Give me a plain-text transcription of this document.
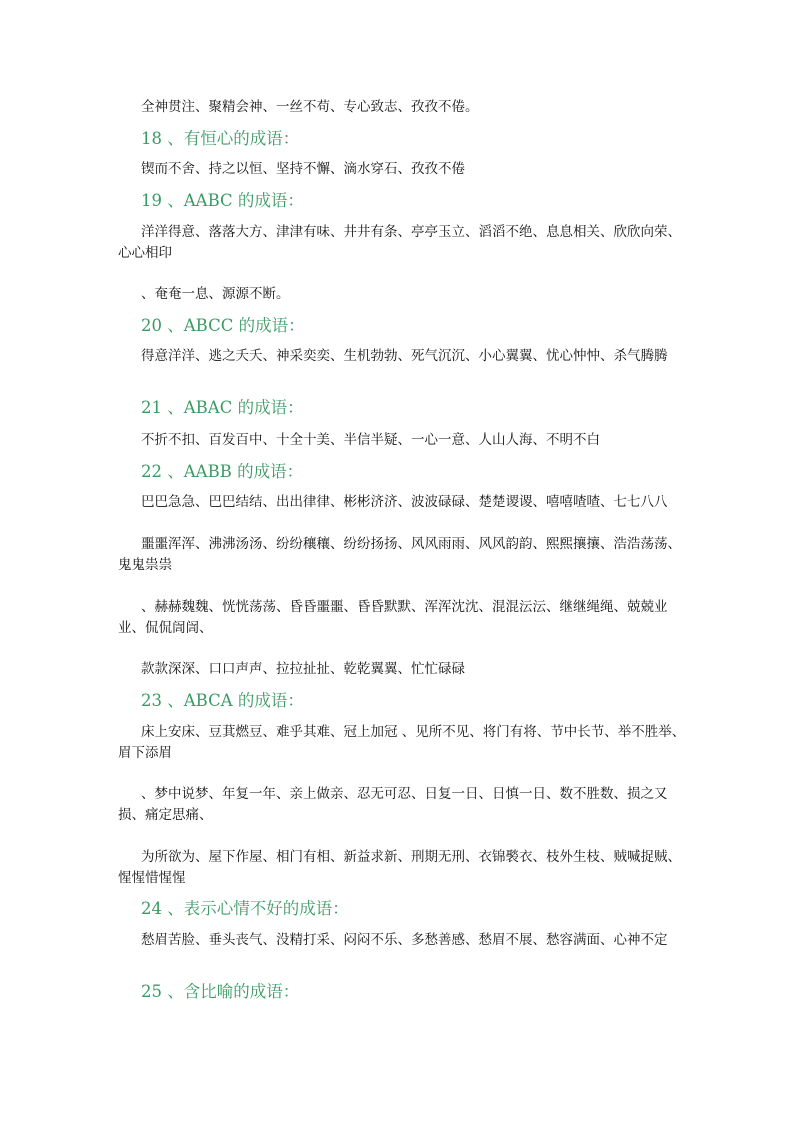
全神贯注、聚精会神、一丝不苟、专心致志、孜孜不倦。

18 、有恒心的成语：

锲而不舍、持之以恒、坚持不懈、滴水穿石、孜孜不倦

19 、AABC 的成语：

洋洋得意、落落大方、津津有味、井井有条、亭亭玉立、滔滔不绝、息息相关、欣欣向荣、心心相印

、奄奄一息、源源不断。

20 、ABCC 的成语：

得意洋洋、逃之夭夭、神采奕奕、生机勃勃、死气沉沉、小心翼翼、忧心忡忡、杀气腾腾

21 、ABAC 的成语：

不折不扣、百发百中、十全十美、半信半疑、一心一意、人山人海、不明不白

22 、AABB 的成语：

巴巴急急、巴巴结结、出出律律、彬彬济济、波波碌碌、楚楚谡谡、嘻嘻喳喳、七七八八

噩噩浑浑、沸沸汤汤、纷纷穰穰、纷纷扬扬、风风雨雨、风风韵韵、熙熙攘攘、浩浩荡荡、鬼鬼祟祟

、赫赫魏魏、恍恍荡荡、昏昏噩噩、昏昏默默、浑浑沈沈、混混沄沄、继继绳绳、兢兢业业、侃侃訚訚、

款款深深、口口声声、拉拉扯扯、乾乾翼翼、忙忙碌碌

23 、ABCA 的成语：

床上安床、豆萁燃豆、难乎其难、冠上加冠 、见所不见、将门有将、节中长节、举不胜举、眉下添眉

、梦中说梦、年复一年、亲上做亲、忍无可忍、日复一日、日慎一日、数不胜数、损之又损、痛定思痛、

为所欲为、屋下作屋、相门有相、新益求新、刑期无刑、衣锦褧衣、枝外生枝、贼喊捉贼、惺惺惜惺惺

24 、表示心情不好的成语：

愁眉苦脸、垂头丧气、没精打采、闷闷不乐、多愁善感、愁眉不展、愁容满面、心神不定

25 、含比喻的成语：
